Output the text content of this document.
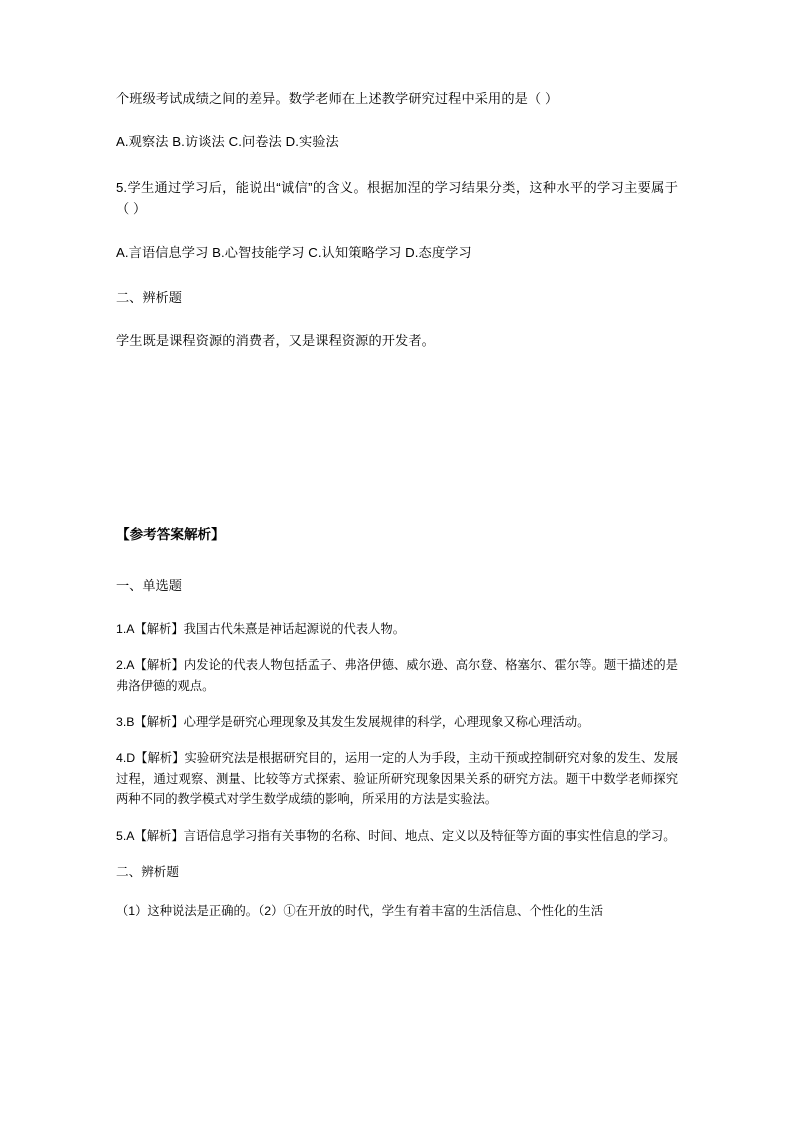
个班级考试成绩之间的差异。数学老师在上述教学研究过程中采用的是（ ）

A.观察法 B.访谈法 C.问卷法 D.实验法

5.学生通过学习后，能说出“诚信”的含义。根据加涅的学习结果分类，这种水平的学习主要属于（ ）

A.言语信息学习 B.心智技能学习 C.认知策略学习 D.态度学习

二、辨析题

学生既是课程资源的消费者，又是课程资源的开发者。

【参考答案解析】

一、单选题

1.A【解析】我国古代朱熹是神话起源说的代表人物。

2.A【解析】内发论的代表人物包括孟子、弗洛伊德、威尔逊、高尔登、格塞尔、霍尔等。题干描述的是弗洛伊德的观点。

3.B【解析】心理学是研究心理现象及其发生发展规律的科学，心理现象又称心理活动。

4.D【解析】实验研究法是根据研究目的，运用一定的人为手段，主动干预或控制研究对象的发生、发展过程，通过观察、测量、比较等方式探索、验证所研究现象因果关系的研究方法。题干中数学老师探究两种不同的教学模式对学生数学成绩的影响，所采用的方法是实验法。

5.A【解析】言语信息学习指有关事物的名称、时间、地点、定义以及特征等方面的事实性信息的学习。

二、辨析题

（1）这种说法是正确的。（2）①在开放的时代，学生有着丰富的生活信息、个性化的生活
